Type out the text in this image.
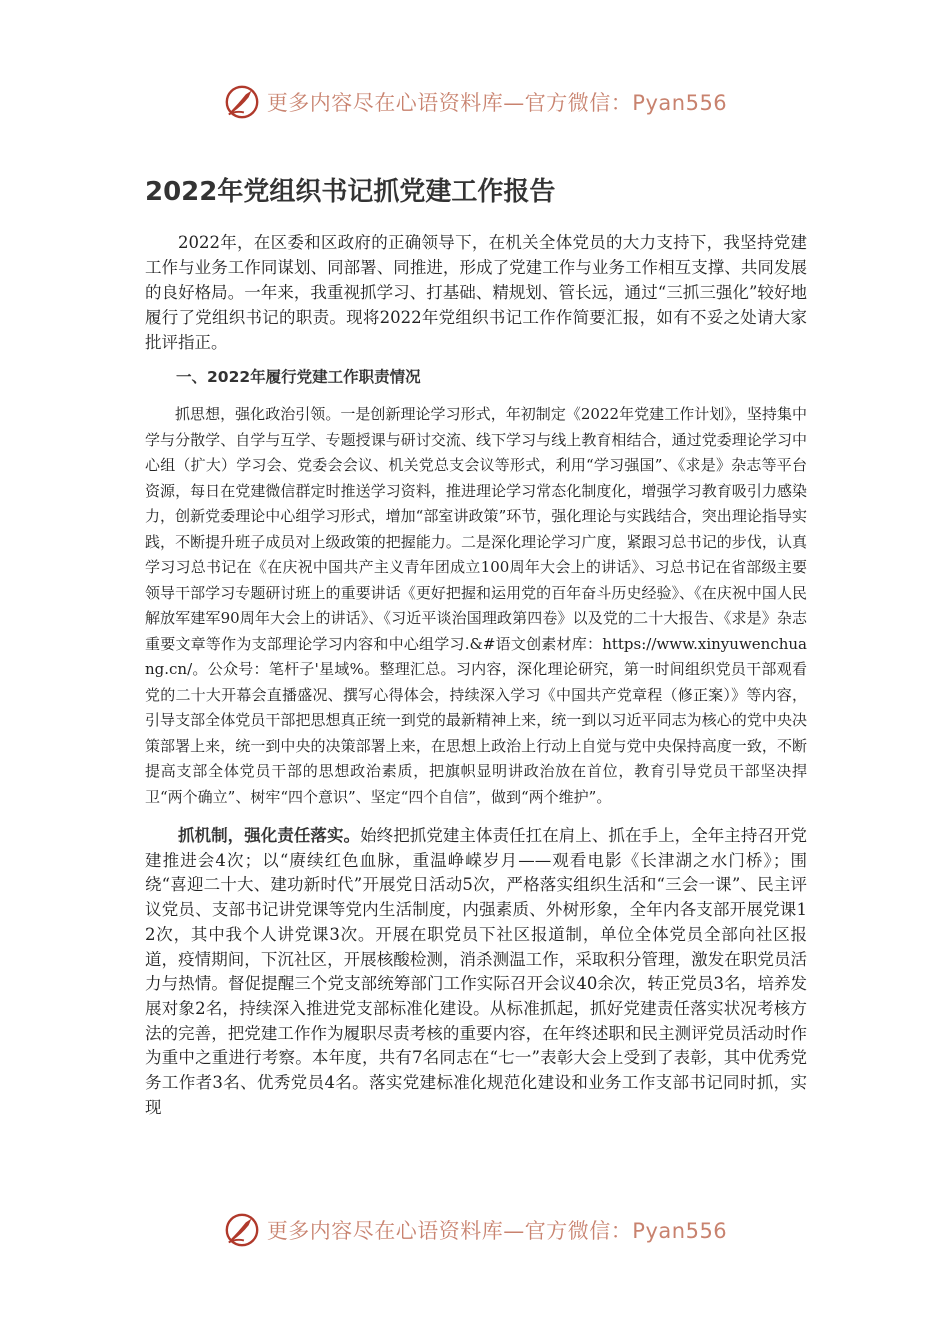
更多内容尽在心语资料库—官方微信：Pyan556
2022年党组织书记抓党建工作报告

2022年，在区委和区政府的正确领导下，在机关全体党员的大力支持下，我坚持党建工作与业务工作同谋划、同部署、同推进，形成了党建工作与业务工作相互支撑、共同发展的良好格局。一年来，我重视抓学习、打基础、精规划、管长远，通过“三抓三强化”较好地履行了党组织书记的职责。现将2022年党组织书记工作作简要汇报，如有不妥之处请大家批评指正。

一、2022年履行党建工作职责情况

抓思想，强化政治引领。一是创新理论学习形式，年初制定《2022年党建工作计划》，坚持集中学与分散学、自学与互学、专题授课与研讨交流、线下学习与线上教育相结合，通过党委理论学习中心组（扩大）学习会、党委会会议、机关党总支会议等形式，利用“学习强国”、《求是》杂志等平台资源，每日在党建微信群定时推送学习资料，推进理论学习常态化制度化，增强学习教育吸引力感染力，创新党委理论中心组学习形式，增加“部室讲政策”环节，强化理论与实践结合，突出理论指导实践，不断提升班子成员对上级政策的把握能力。二是深化理论学习广度，紧跟习总书记的步伐，认真学习习总书记在《在庆祝中国共产主义青年团成立100周年大会上的讲话》、习总书记在省部级主要领导干部学习专题研讨班上的重要讲话《更好把握和运用党的百年奋斗历史经验》、《在庆祝中国人民解放军建军90周年大会上的讲话》、《习近平谈治国理政第四卷》以及党的二十大报告、《求是》杂志重要文章等作为支部理论学习内容和中心组学习.&#语文创素材库：https://www.xinyuwenchuang.cn/。公众号：笔杆子'星域%。整理汇总。习内容，深化理论研究，第一时间组织党员干部观看党的二十大开幕会直播盛况、撰写心得体会，持续深入学习《中国共产党章程（修正案）》等内容，引导支部全体党员干部把思想真正统一到党的最新精神上来，统一到以习近平同志为核心的党中央决策部署上来，统一到中央的决策部署上来，在思想上政治上行动上自觉与党中央保持高度一致，不断提高支部全体党员干部的思想政治素质，把旗帜显明讲政治放在首位，教育引导党员干部坚决捍卫“两个确立”、树牢“四个意识”、坚定“四个自信”，做到“两个维护”。

抓机制，强化责任落实。始终把抓党建主体责任扛在肩上、抓在手上，全年主持召开党建推进会4次；以“赓续红色血脉，重温峥嵘岁月——观看电影《长津湖之水门桥》；围绕“喜迎二十大、建功新时代”开展党日活动5次，严格落实组织生活和“三会一课”、民主评议党员、支部书记讲党课等党内生活制度，内强素质、外树形象，全年内各支部开展党课12次，其中我个人讲党课3次。开展在职党员下社区报道制，单位全体党员全部向社区报道，疫情期间，下沉社区，开展核酸检测，消杀测温工作，采取积分管理，激发在职党员活力与热情。督促提醒三个党支部统筹部门工作实际召开会议40余次，转正党员3名，培养发展对象2名，持续深入推进党支部标准化建设。从标准抓起，抓好党建责任落实状况考核方法的完善，把党建工作作为履职尽责考核的重要内容，在年终述职和民主测评党员活动时作为重中之重进行考察。本年度，共有7名同志在“七一”表彰大会上受到了表彰，其中优秀党务工作者3名、优秀党员4名。落实党建标准化规范化建设和业务工作支部书记同时抓，实现

更多内容尽在心语资料库—官方微信：Pyan556
